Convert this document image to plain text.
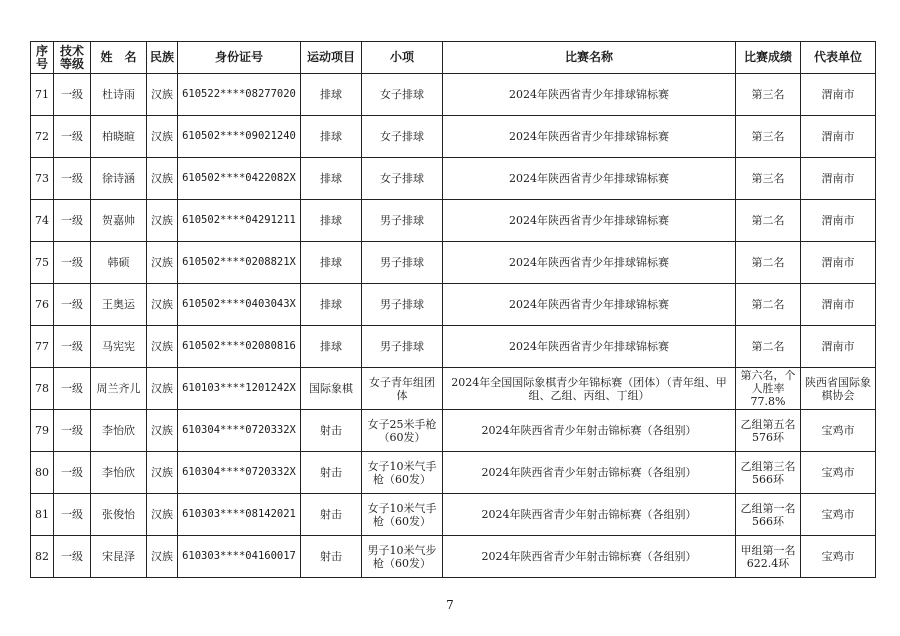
序号	技术等级	姓　名	民族	身份证号	运动项目	小项	比赛名称	比赛成绩	代表单位
71	一级	杜诗雨	汉族	610522****08277020	排球	女子排球	2024年陕西省青少年排球锦标赛	第三名	渭南市
72	一级	柏晓暄	汉族	610502****09021240	排球	女子排球	2024年陕西省青少年排球锦标赛	第三名	渭南市
73	一级	徐诗涵	汉族	610502****0422082X	排球	女子排球	2024年陕西省青少年排球锦标赛	第三名	渭南市
74	一级	贺嘉帅	汉族	610502****04291211	排球	男子排球	2024年陕西省青少年排球锦标赛	第二名	渭南市
75	一级	韩硕	汉族	610502****0208821X	排球	男子排球	2024年陕西省青少年排球锦标赛	第二名	渭南市
76	一级	王奥运	汉族	610502****0403043X	排球	男子排球	2024年陕西省青少年排球锦标赛	第二名	渭南市
77	一级	马宪宪	汉族	610502****02080816	排球	男子排球	2024年陕西省青少年排球锦标赛	第二名	渭南市
78	一级	周兰齐儿	汉族	610103****1201242X	国际象棋	女子青年组团体	2024年全国国际象棋青少年锦标赛（团体）（青年组、甲组、乙组、丙组、丁组）	第六名，个人胜率77.8%	陕西省国际象棋协会
79	一级	李怡欣	汉族	610304****0720332X	射击	女子25米手枪（60发）	2024年陕西省青少年射击锦标赛（各组别）	乙组第五名576环	宝鸡市
80	一级	李怡欣	汉族	610304****0720332X	射击	女子10米气手枪（60发）	2024年陕西省青少年射击锦标赛（各组别）	乙组第三名566环	宝鸡市
81	一级	张俊怡	汉族	610303****08142021	射击	女子10米气手枪（60发）	2024年陕西省青少年射击锦标赛（各组别）	乙组第一名566环	宝鸡市
82	一级	宋昆泽	汉族	610303****04160017	射击	男子10米气步枪（60发）	2024年陕西省青少年射击锦标赛（各组别）	甲组第一名622.4环	宝鸡市
7
